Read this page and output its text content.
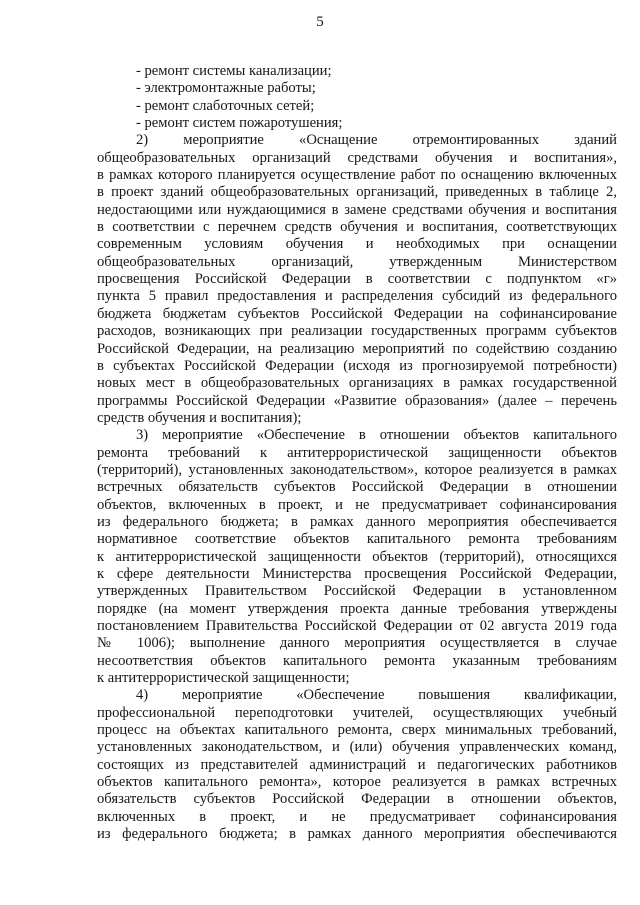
5
- ремонт системы канализации;
- электромонтажные работы;
- ремонт слаботочных сетей;
- ремонт систем пожаротушения;
2) мероприятие «Оснащение отремонтированных зданий
общеобразовательных организаций средствами обучения и воспитания»,
в рамках которого планируется осуществление работ по оснащению включенных
в проект зданий общеобразовательных организаций, приведенных в таблице 2,
недостающими или нуждающимися в замене средствами обучения и воспитания
в соответствии с перечнем средств обучения и воспитания, соответствующих
современным условиям обучения и необходимых при оснащении
общеобразовательных организаций, утвержденным Министерством
просвещения Российской Федерации в соответствии с подпунктом «г»
пункта 5 правил предоставления и распределения субсидий из федерального
бюджета бюджетам субъектов Российской Федерации на софинансирование
расходов, возникающих при реализации государственных программ субъектов
Российской Федерации, на реализацию мероприятий по содействию созданию
в субъектах Российской Федерации (исходя из прогнозируемой потребности)
новых мест в общеобразовательных организациях в рамках государственной
программы Российской Федерации «Развитие образования» (далее – перечень
средств обучения и воспитания);
3) мероприятие «Обеспечение в отношении объектов капитального
ремонта требований к антитеррористической защищенности объектов
(территорий), установленных законодательством», которое реализуется в рамках
встречных обязательств субъектов Российской Федерации в отношении
объектов, включенных в проект, и не предусматривает софинансирования
из федерального бюджета; в рамках данного мероприятия обеспечивается
нормативное соответствие объектов капитального ремонта требованиям
к антитеррористической защищенности объектов (территорий), относящихся
к сфере деятельности Министерства просвещения Российской Федерации,
утвержденных Правительством Российской Федерации в установленном
порядке (на момент утверждения проекта данные требования утверждены
постановлением Правительства Российской Федерации от 02 августа 2019 года
№ 1006); выполнение данного мероприятия осуществляется в случае
несоответствия объектов капитального ремонта указанным требованиям
к антитеррористической защищенности;
4) мероприятие «Обеспечение повышения квалификации,
профессиональной переподготовки учителей, осуществляющих учебный
процесс на объектах капитального ремонта, сверх минимальных требований,
установленных законодательством, и (или) обучения управленческих команд,
состоящих из представителей администраций и педагогических работников
объектов капитального ремонта», которое реализуется в рамках встречных
обязательств субъектов Российской Федерации в отношении объектов,
включенных в проект, и не предусматривает софинансирования
из федерального бюджета; в рамках данного мероприятия обеспечиваются
